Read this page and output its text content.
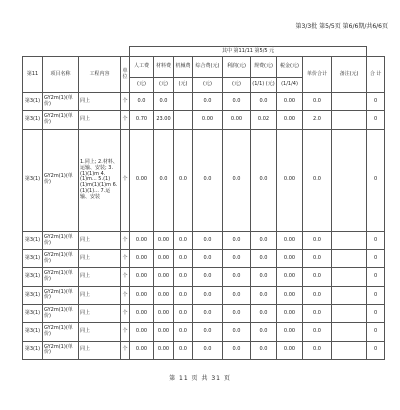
第3/3批 第5/5页 第6/6期/共6/6页
				其中 第11/11 第5/5 元									
第11	项目名称	工程内容	单位	人工费	材料费	机械费	综合费(元)	利润(元)	规费(元)	税金(元)	单价合计	备注(元)	合 计
				(元)	(元)	(元)	(元)	(元)	(1/1) (元)	(1/1/4)			
第3(1)	GY2m(1)(单价)	同上	个	0.0	0.0		0.0	0.0	0.0	0.00	0.0		0
第3(1)	GY2m(1)(单价)	同上	个	0.70	23.00		0.00	0.00	0.02	0.00	2.0		0
第3(1)	GY2m(1)(单价)	1.同上; 2.材料、运输、安装; 3.(1)(1)m 4.(1)m... 5.(1)(1)m(1)(1)m 6.(1)(1)... 7.运输、安装	个	0.00	0.0	0.0	0.0	0.0	0.0	0.00	0.0		0
第3(1)	GY2m(1)(单价)	同上	个	0.00	0.00	0.0	0.0	0.0	0.0	0.00	0.0		0
第3(1)	GY2m(1)(单价)	同上	个	0.00	0.00	0.0	0.0	0.0	0.0	0.00	0.0		0
第3(1)	GY2m(1)(单价)	同上	个	0.00	0.00	0.0	0.0	0.0	0.0	0.00	0.0		0
第3(1)	GY2m(1)(单价)	同上	个	0.00	0.00	0.0	0.0	0.0	0.0	0.00	0.0		0
第3(1)	GY2m(1)(单价)	同上	个	0.00	0.00	0.0	0.0	0.0	0.0	0.00	0.0		0
第3(1)	GY2m(1)(单价)	同上	个	0.00	0.00	0.0	0.0	0.0	0.0	0.00	0.0		0
第3(1)	GY2m(1)(单价)	同上	个	0.00	0.00	0.0	0.0	0.0	0.0	0.00	0.0		0
第 11 页 共 31 页
